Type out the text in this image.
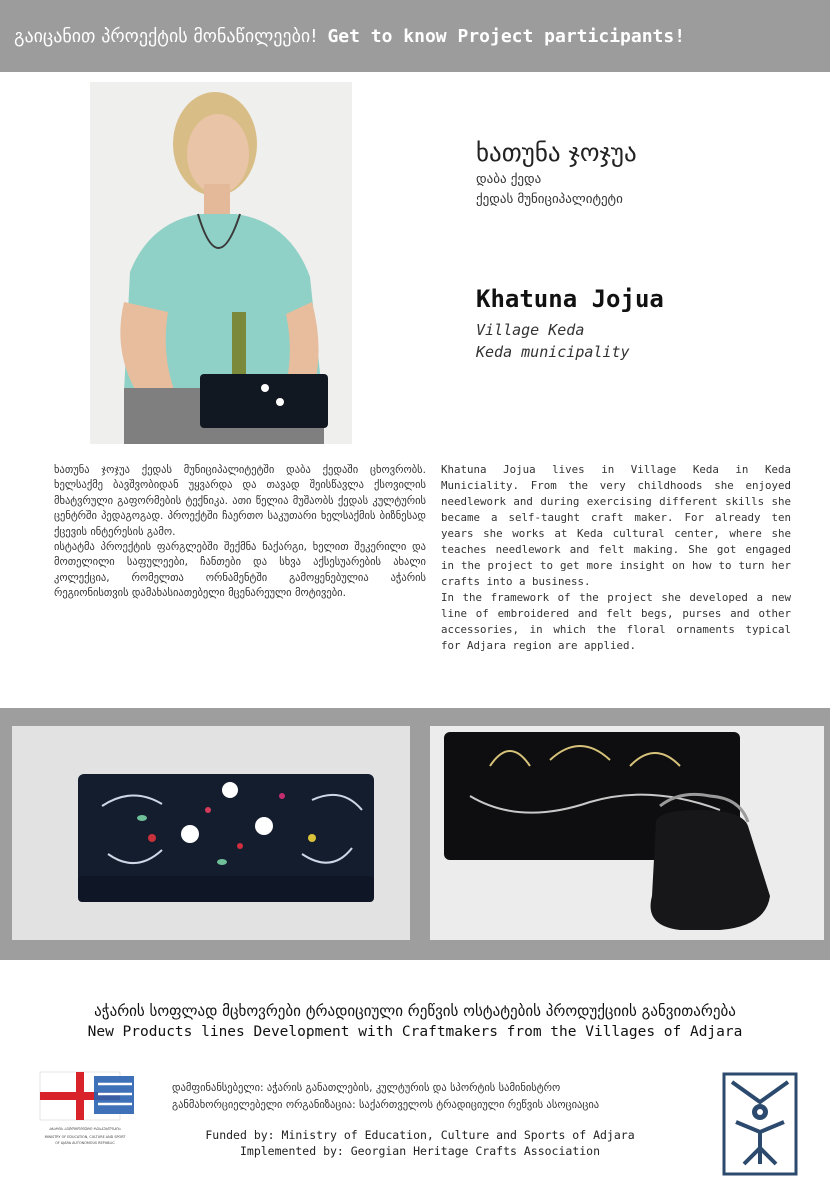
გაიცანით პროექტის მონაწილეები! Get to know Project participants!
ხათუნა ჯოჯუა
დაბა ქედა
ქედას მუნიციპალიტეტი
Khatuna Jojua
Village Keda
Keda municipality

ხათუნა ჯოჯუა ქედას მუნიციპალიტეტში დაბა ქედაში ცხოვრობს. ხელსაქმე ბავშვობიდან უყვარდა და თავად შეისწავლა ქსოვილის მხატვრული გაფორმების ტექნიკა. ათი წელია მუშაობს ქედას კულტურის ცენტრში პედაგოგად. პროექტში ჩაერთო საკუთარი ხელსაქმის ბიზნესად ქცევის ინტერესის გამო.

ისტატმა პროექტის ფარგლებში შექმნა ნაქარგი, ხელით შეკერილი და მოთელილი საფულეები, ჩანთები და სხვა აქსესუარების ახალი კოლექცია, რომელთა ორნამენტში გამოყენებულია აჭარის რეგიონისთვის დამახასიათებელი მცენარეული მოტივები.

Khatuna Jojua lives in Village Keda in Keda Municiality. From the very childhoods she enjoyed needlework and during exercising different skills she became a self-taught craft maker. For already ten years she works at Keda cultural center, where she teaches needlework and felt making. She got engaged in the project to get more insight on how to turn her crafts into a business.

In the framework of the project she developed a new line of embroidered and felt begs, purses and other accessories, in which the floral ornaments typical for Adjara region are applied.

აჭარის სოფლად მცხოვრები ტრადიციული რეწვის ოსტატების პროდუქციის განვითარება
New Products lines Development with Craftmakers from the Villages of Adjara
ᲐᲭᲐᲠᲘᲡ ᲐᲕᲢᲝᲜᲝᲛᲘᲣᲠᲘ ᲠᲔᲡᲞᲣᲑᲚᲘᲙᲘᲡ
MINISTRY OF EDUCATION, CULTURE AND SPORT
OF AJARA AUTONOMOUS REPUBLIC
დამფინანსებელი: აჭარის განათლების, კულტურის და სპორტის სამინისტრო
განმახორციელებელი ორგანიზაცია: საქართველოს ტრადიციული რეწვის ასოციაცია
Funded by: Ministry of Education, Culture and Sports of Adjara
Implemented by: Georgian Heritage Crafts Association
